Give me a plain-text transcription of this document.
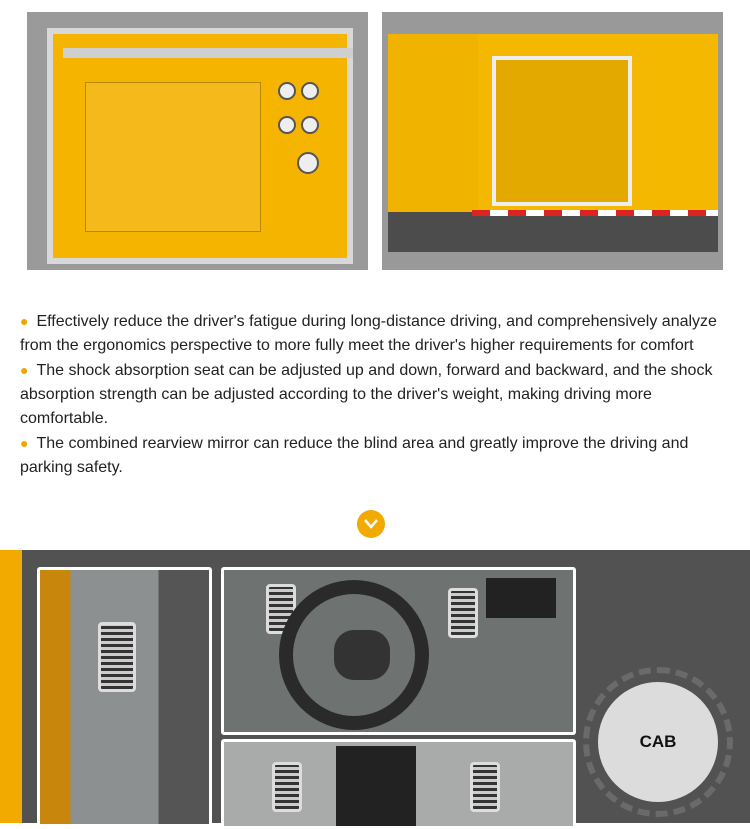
● Effectively reduce the driver's fatigue during long-distance driving, and comprehensively analyze from the ergonomics perspective to more fully meet the driver's higher requirements for comfort

● The shock absorption seat can be adjusted up and down, forward and backward, and the shock absorption strength can be adjusted according to the driver's weight, making driving more comfortable.

● The combined rearview mirror can reduce the blind area and greatly improve the driving and parking safety.

CAB
